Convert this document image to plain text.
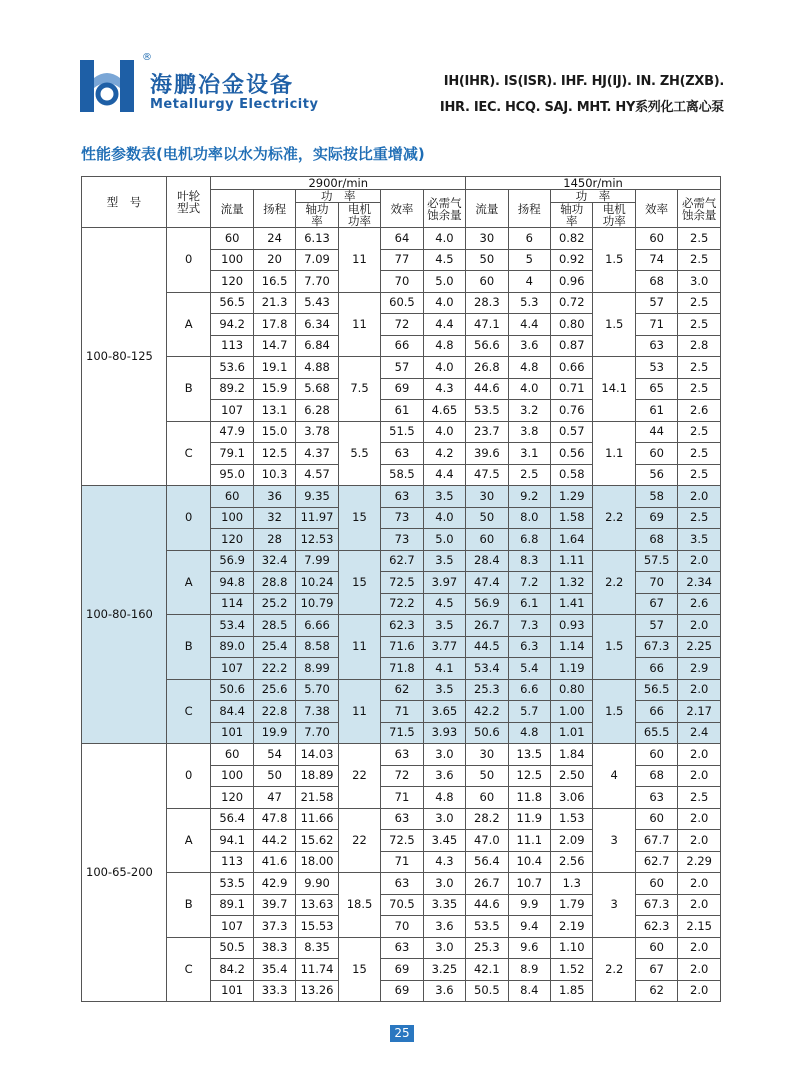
®
海鹏冶金设备
Metallurgy Electricity
IH(IHR). IS(ISR). IHF. HJ(IJ). IN. ZH(ZXB).
IHR. IEC. HCQ. SAJ. MHT. HY系列化工离心泵
性能参数表(电机功率以水为标准，实际按比重增减)
型　号	叶轮型式	2900r/min						1450r/min					
		流量	扬程	功　率		效率	必需气蚀余量	流量	扬程	功　率		效率	必需气蚀余量
				轴功率	电机功率					轴功率	电机功率		
100-80-125	0	60	24	6.13	11	64	4.0	30	6	0.82	1.5	60	2.5
		100	20	7.09		77	4.5	50	5	0.92		74	2.5
		120	16.5	7.70		70	5.0	60	4	0.96		68	3.0
	A	56.5	21.3	5.43	11	60.5	4.0	28.3	5.3	0.72	1.5	57	2.5
		94.2	17.8	6.34		72	4.4	47.1	4.4	0.80		71	2.5
		113	14.7	6.84		66	4.8	56.6	3.6	0.87		63	2.8
	B	53.6	19.1	4.88	7.5	57	4.0	26.8	4.8	0.66	14.1	53	2.5
		89.2	15.9	5.68		69	4.3	44.6	4.0	0.71		65	2.5
		107	13.1	6.28		61	4.65	53.5	3.2	0.76		61	2.6
	C	47.9	15.0	3.78	5.5	51.5	4.0	23.7	3.8	0.57	1.1	44	2.5
		79.1	12.5	4.37		63	4.2	39.6	3.1	0.56		60	2.5
		95.0	10.3	4.57		58.5	4.4	47.5	2.5	0.58		56	2.5
100-80-160	0	60	36	9.35	15	63	3.5	30	9.2	1.29	2.2	58	2.0
		100	32	11.97		73	4.0	50	8.0	1.58		69	2.5
		120	28	12.53		73	5.0	60	6.8	1.64		68	3.5
	A	56.9	32.4	7.99	15	62.7	3.5	28.4	8.3	1.11	2.2	57.5	2.0
		94.8	28.8	10.24		72.5	3.97	47.4	7.2	1.32		70	2.34
		114	25.2	10.79		72.2	4.5	56.9	6.1	1.41		67	2.6
	B	53.4	28.5	6.66	11	62.3	3.5	26.7	7.3	0.93	1.5	57	2.0
		89.0	25.4	8.58		71.6	3.77	44.5	6.3	1.14		67.3	2.25
		107	22.2	8.99		71.8	4.1	53.4	5.4	1.19		66	2.9
	C	50.6	25.6	5.70	11	62	3.5	25.3	6.6	0.80	1.5	56.5	2.0
		84.4	22.8	7.38		71	3.65	42.2	5.7	1.00		66	2.17
		101	19.9	7.70		71.5	3.93	50.6	4.8	1.01		65.5	2.4
100-65-200	0	60	54	14.03	22	63	3.0	30	13.5	1.84	4	60	2.0
		100	50	18.89		72	3.6	50	12.5	2.50		68	2.0
		120	47	21.58		71	4.8	60	11.8	3.06		63	2.5
	A	56.4	47.8	11.66	22	63	3.0	28.2	11.9	1.53	3	60	2.0
		94.1	44.2	15.62		72.5	3.45	47.0	11.1	2.09		67.7	2.0
		113	41.6	18.00		71	4.3	56.4	10.4	2.56		62.7	2.29
	B	53.5	42.9	9.90	18.5	63	3.0	26.7	10.7	1.3	3	60	2.0
		89.1	39.7	13.63		70.5	3.35	44.6	9.9	1.79		67.3	2.0
		107	37.3	15.53		70	3.6	53.5	9.4	2.19		62.3	2.15
	C	50.5	38.3	8.35	15	63	3.0	25.3	9.6	1.10	2.2	60	2.0
		84.2	35.4	11.74		69	3.25	42.1	8.9	1.52		67	2.0
		101	33.3	13.26		69	3.6	50.5	8.4	1.85		62	2.0
25
